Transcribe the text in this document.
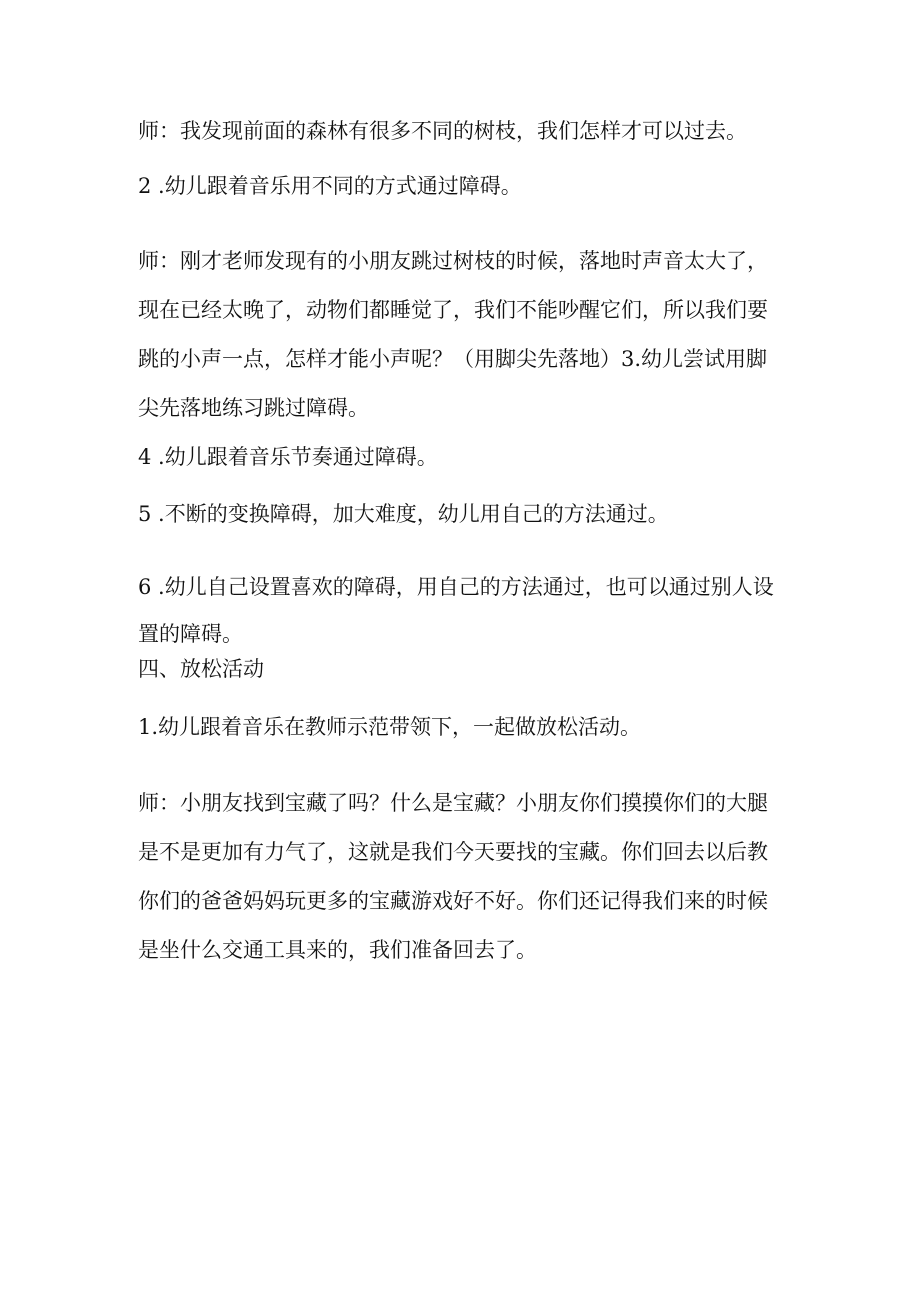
师：我发现前面的森林有很多不同的树枝，我们怎样才可以过去。

2 .幼儿跟着音乐用不同的方式通过障碍。

师：刚才老师发现有的小朋友跳过树枝的时候，落地时声音太大了，现在已经太晚了，动物们都睡觉了，我们不能吵醒它们，所以我们要跳的小声一点，怎样才能小声呢？（用脚尖先落地）3.幼儿尝试用脚尖先落地练习跳过障碍。

4 .幼儿跟着音乐节奏通过障碍。

5 .不断的变换障碍，加大难度，幼儿用自己的方法通过。

6 .幼儿自己设置喜欢的障碍，用自己的方法通过，也可以通过别人设置的障碍。

四、放松活动

1.幼儿跟着音乐在教师示范带领下，一起做放松活动。

师：小朋友找到宝藏了吗？什么是宝藏？小朋友你们摸摸你们的大腿是不是更加有力气了，这就是我们今天要找的宝藏。你们回去以后教你们的爸爸妈妈玩更多的宝藏游戏好不好。你们还记得我们来的时候是坐什么交通工具来的，我们准备回去了。
